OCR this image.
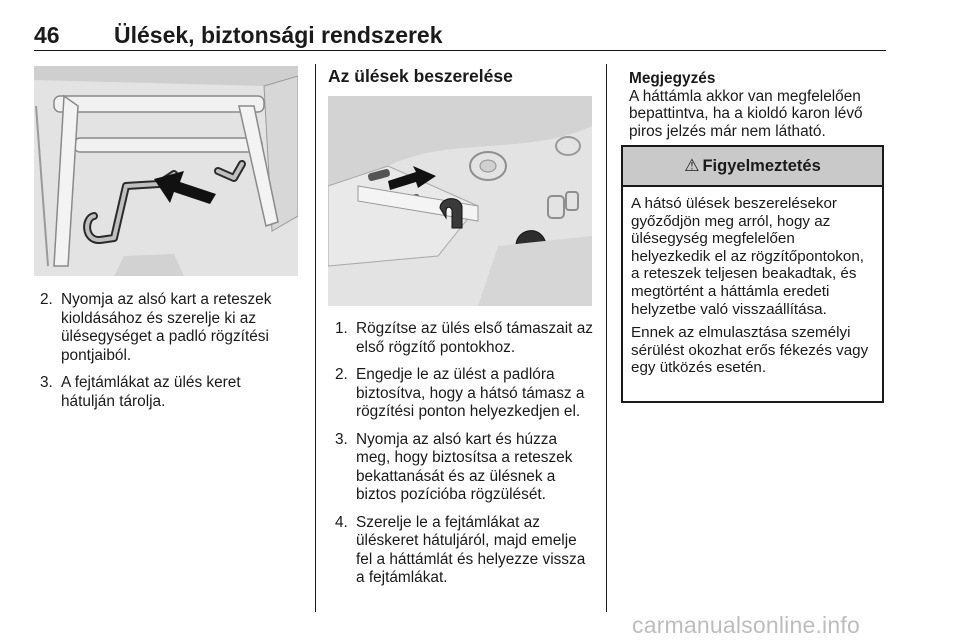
46 Ülések, biztonsági rendszerek
2. Nyomja az alsó kart a reteszek kioldásához és szerelje ki az ülésegységet a padló rögzítési pontjaiból.
3. A fejtámlákat az ülés keret hátulján tárolja.
Az ülések beszerelése
1. Rögzítse az ülés első támaszait az első rögzítő pontokhoz.
2. Engedje le az ülést a padlóra biztosítva, hogy a hátsó támasz a rögzítési ponton helyezkedjen el.
3. Nyomja az alsó kart és húzza meg, hogy biztosítsa a reteszek bekattanását és az ülésnek a biztos pozícióba rögzülését.
4. Szerelje le a fejtámlákat az üléskeret hátuljáról, majd emelje fel a háttámlát és helyezze vissza a fejtámlákat.
Megjegyzés
A háttámla akkor van megfelelően bepattintva, ha a kioldó karon lévő piros jelzés már nem látható.
⚠ Figyelmeztetés

A hátsó ülések beszerelésekor győződjön meg arról, hogy az ülésegység megfelelően helyezkedik el az rögzítőpontokon, a reteszek teljesen beakadtak, és megtörtént a háttámla eredeti helyzetbe való visszaállítása.

Ennek az elmulasztása személyi sérülést okozhat erős fékezés vagy egy ütközés esetén.

carmanualsonline.info
